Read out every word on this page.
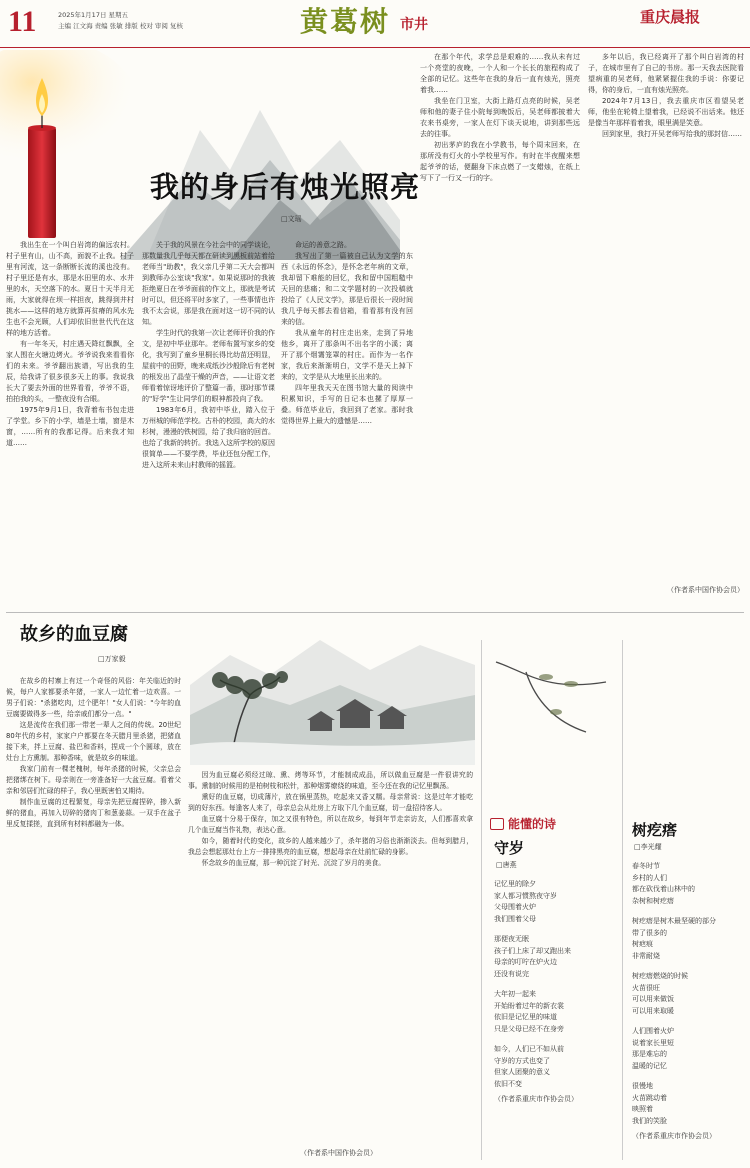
11	2025年1月17日 星期五
主编 江文海 责编 张敏 排版 校对 审阅 复核	黄葛树 市井	重庆晨报
我的身后有烛光照亮
□文瑶

我出生在一个叫白岩湾的偏远农村。村子里有山，山不高，面貌不止我。村子里有河流，这一条断断长流的溪也没有。村子里还是有水，那是水田里的水、水井里的水，天空落下的水。夏日十天半月无雨，大家就得在坝一样担夜，跳得到井村挑水——这样的地方就算再贫瘠的风水先生也不会光顾，人们却依旧世世代代在这样的地方活着。

有一年冬天，村庄遇天降红飘飘，全家人围在火塘边烤火。爷爷说我来看看你们的未来。爷爷翻出族谱，写出我的生辰，给我讲了很多很多天上的事。我说我长大了要去外面的世界看看，爷爷不语，拍拍我的头，一整夜没有合眼。

1975年9月1日，我背着布书包走进了学堂。乡下的小学，墙是土墙，窗是木窗，……所有的我都记得。后来我才知道……

关于我的风景在今社会中的同学谈论，那数量我几乎每天都在研读到黑板前站着给老师当"助教"，我父亲几乎第二天大会都叫到教师办公室谈"我家"。如果说那时的我被拒绝夏日在爷爷面前的作文上，那就是考试时可以，但还将平时多家了，一些事情也许我不太会说，那是我在面对这一切不同的认知。

学生时代的我第一次让老师评价我的作文，是初中毕业那年。老师布置写家乡的变化，我写到了童乡里桐长得比幼苗还明显，屋前中的田野，晚来成纸沙沙般除后有老树的根发出了晶莹干燥的声音，——让语文老师看着惊讶地评价了整篇一番，那时那节课的"好学"生让同学们的眼神都投向了我。

1983年6月，我初中毕业，踏入位于万州城的师范学校。古朴的校园，高大的水杉树，漫漫的铁树园，给了我归宿的回首。也给了我新的转折。我选入这所学校的原因很简单——不要学费，毕业还包分配工作，进入这所未来山村教师的摇篮。

命运的善意之路。

我写出了第一篇被自己认为文学的东西《永远的怀念》，是怀念老年病的文章，我却留下难能的回忆，我和留中国粗糙中天回的悲痛；和二文学题材的一次投稿就投给了《人民文学》，那是后很长一段时间我几乎每天都去看信箱，看看那有没有回来的信。

我从童年的村庄走出来，走到了异地他乡，离开了那条叫不出名字的小溪；离开了那个烟霭笼罩的村庄。而作为一名作家，我后来渐渐明白，文学不是天上掉下来的，文学是从大地里长出来的。

四年里我天天在图书馆大量的阅读中积累知识，手写的日记本也摞了厚厚一叠。师范毕业后，我回到了老家。那时我觉得世界上最大的遗憾是……

在那个年代，求学总是艰难的……我从未有过一个亮堂的夜晚，一个人和一个长长的旅程构成了全部的记忆。这些年在我的身后一直有烛光，照亮着我……

我坐在门卫室，大街上路灯点亮的时候，吴老师和他的妻子住小院每到晚饭后，吴老师都披着大衣来书桌旁，一家人在灯下谈天说地，讲到那些远去的往事。

初出茅庐的我在小学教书，每个周末回来，在那所没有灯火的小学校里写作。有时在半夜醒来想起爷爷的话，便翻身下床点燃了一支蜡烛，在纸上写下了一行又一行的字。

多年以后，我已经离开了那个叫白岩湾的村子，在城市里有了自己的书房。那一天我去医院看望病重的吴老师，他紧紧握住我的手说：你要记得，你的身后，一直有烛光照亮。

2024年7月13日，我去重庆市区看望吴老师，他坐在轮椅上望着我，已经说不出话来。他还是像当年那样看着我，眼里满是笑意。

回到家里，我打开吴老师写给我的那封信……

（作者系中国作协会员）
故乡的血豆腐
□万家毅

在故乡的村寨上有过一个奇怪的风俗：年关临近的时候，每户人家都要杀年猪，一家人一边忙着一边欢喜。一男子们说："杀猪吃肉，过个肥年！"女人们说："今年的血豆腐要做得多一些，给亲戚们都分一点。"

这是流传在我们那一带老一辈人之间的传统。20世纪80年代的乡村，家家户户都要在冬天腊月里杀猪，把猪血接下来，拌上豆腐、盐巴和香料，捏成一个个圆球，放在灶台上方熏制。那种香味，就是故乡的味道。

我家门前有一棵老槐树，每年杀猪的时候，父亲总会把猪绑在树下。母亲则在一旁准备好一大盆豆腐。看着父亲和邻居们忙碌的样子，我心里既害怕又期待。

制作血豆腐的过程繁复，母亲先把豆腐捏碎，掺入新鲜的猪血，再加入切碎的猪肉丁和葱姜蒜。一双手在盆子里反复揉搓，直到所有材料都融为一体。

因为血豆腐必须经过晾、熏、烤等环节，才能制成成品，所以做血豆腐是一件很讲究的事。熏制的时候用的是柏树枝和松针，那种烟雾缭绕的味道，至今还在我的记忆里飘荡。

熏好的血豆腐，切成薄片，放在锅里蒸热，吃起来又香又糯。母亲常说：这是过年才能吃到的好东西。每逢客人来了，母亲总会从灶房上方取下几个血豆腐，切一盘招待客人。

血豆腐十分易于保存，加之又很有特色，所以在故乡，每到年节走亲访友，人们都喜欢拿几个血豆腐当作礼物，表达心意。

如今，随着时代的变化，故乡的人越来越少了，杀年猪的习俗也渐渐淡去。但每到腊月，我总会想起那灶台上方一排排黑亮的血豆腐，想起母亲在灶前忙碌的身影。

怀念故乡的血豆腐，那一种沉淀了时光、沉淀了岁月的美食。

（作者系中国作协会员）
能懂的诗
守岁
□唐燕
记忆里的除夕
家人都习惯熬夜守岁
父母围着火炉
我们围着父母
那便夜无眠
孩子们上床了却又跑出来
母亲的叮咛在炉火边
还没有说完
大年初一起来
开始盼着过年的新衣裳
依旧是记忆里的味道
只是父母已经不在身旁
如今，人们已不如从前
守岁的方式也变了
但家人团聚的意义
依旧不变
（作者系重庆市作协会员）
树疙瘩
□李光耀
春冬时节
乡村的人们
都在砍伐着山林中的
杂树和树疙瘩
树疙瘩是树木最坚硬的部分
带了很多的
树疤痕
非常耐烧
树疙瘩燃烧的时候
火苗很旺
可以用来做饭
可以用来取暖
人们围着火炉
说着家长里短
那是难忘的
温暖的记忆
很慢地
火苗跳动着
映照着
我们的笑脸
（作者系重庆市作协会员）
